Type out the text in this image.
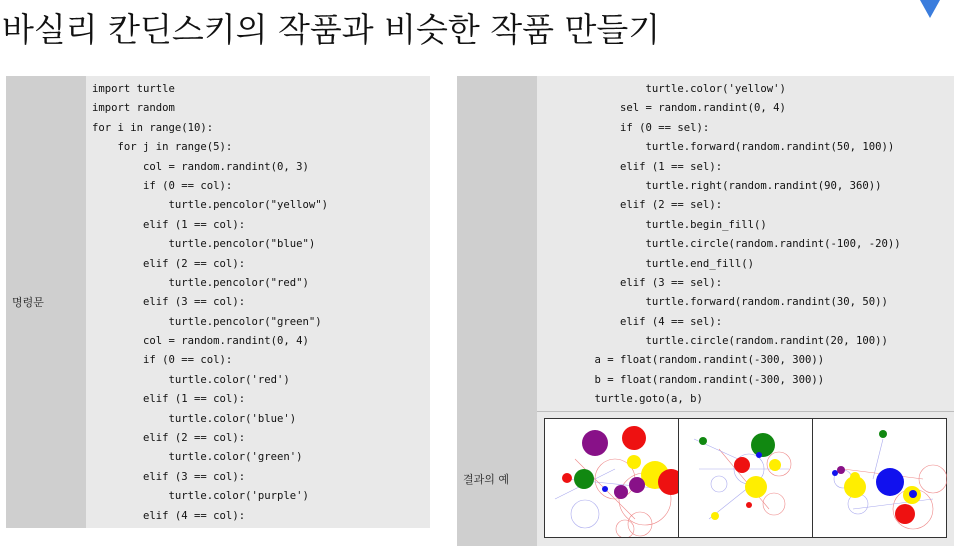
바실리 칸딘스키의 작품과 비슷한 작품 만들기
명령문
import turtle
import random
for i in range(10):
for j in range(5):
col = random.randint(0, 3)
if (0 == col):
turtle.pencolor("yellow")
elif (1 == col):
turtle.pencolor("blue")
elif (2 == col):
turtle.pencolor("red")
elif (3 == col):
turtle.pencolor("green")
col = random.randint(0, 4)
if (0 == col):
turtle.color('red')
elif (1 == col):
turtle.color('blue')
elif (2 == col):
turtle.color('green')
elif (3 == col):
turtle.color('purple')
elif (4 == col):
turtle.color('yellow')
sel = random.randint(0, 4)
if (0 == sel):
turtle.forward(random.randint(50, 100))
elif (1 == sel):
turtle.right(random.randint(90, 360))
elif (2 == sel):
turtle.begin_fill()
turtle.circle(random.randint(-100, -20))
turtle.end_fill()
elif (3 == sel):
turtle.forward(random.randint(30, 50))
elif (4 == sel):
turtle.circle(random.randint(20, 100))
a = float(random.randint(-300, 300))
b = float(random.randint(-300, 300))
turtle.goto(a, b)
결과의 예
